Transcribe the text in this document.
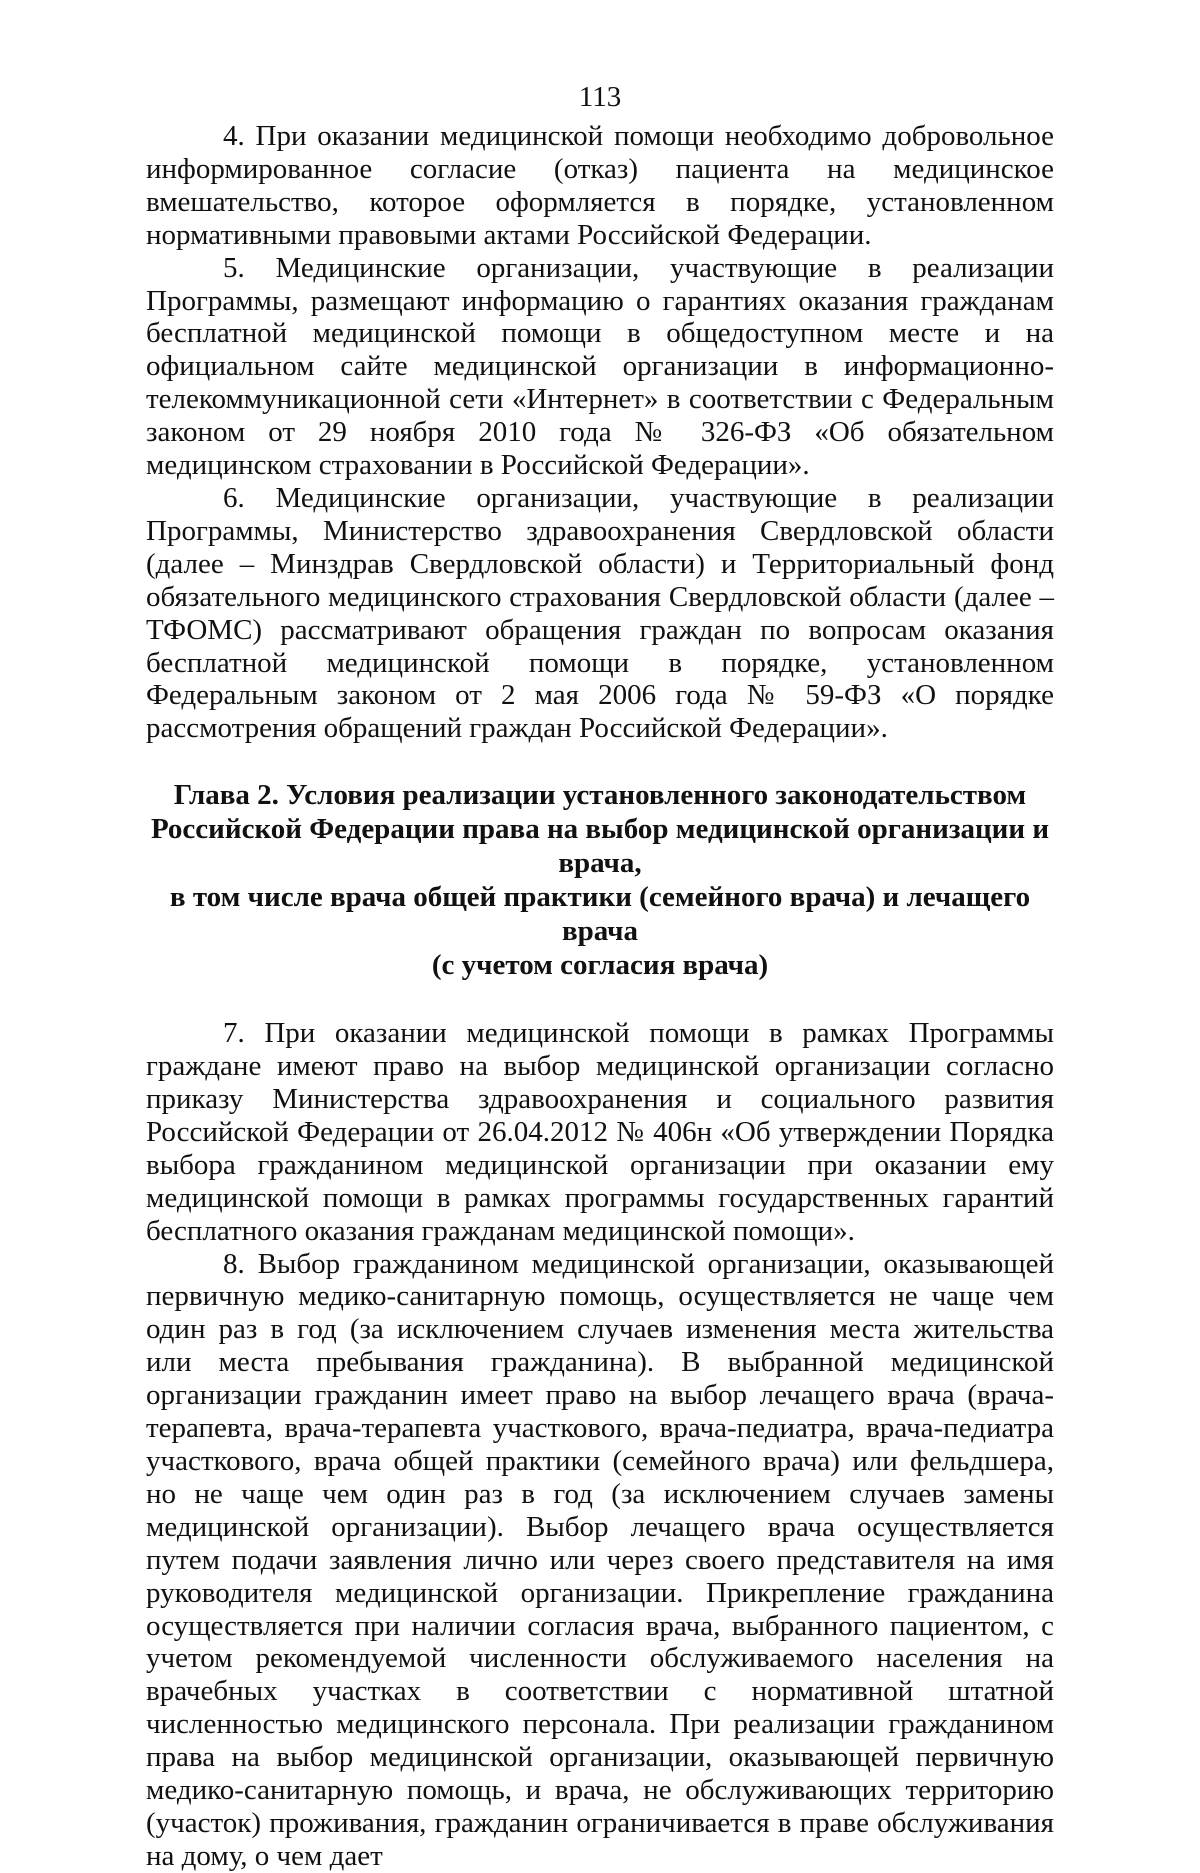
113

4. При оказании медицинской помощи необходимо добровольное информированное согласие (отказ) пациента на медицинское вмешательство, которое оформляется в порядке, установленном нормативными правовыми актами Российской Федерации.

5. Медицинские организации, участвующие в реализации Программы, размещают информацию о гарантиях оказания гражданам бесплатной медицинской помощи в общедоступном месте и на официальном сайте медицинской организации в информационно-телекоммуникационной сети «Интернет» в соответствии с Федеральным законом от 29 ноября 2010 года № 326-ФЗ «Об обязательном медицинском страховании в Российской Федерации».

6. Медицинские организации, участвующие в реализации Программы, Министерство здравоохранения Свердловской области (далее – Минздрав Свердловской области) и Территориальный фонд обязательного медицинского страхования Свердловской области (далее – ТФОМС) рассматривают обращения граждан по вопросам оказания бесплатной медицинской помощи в порядке, установленном Федеральным законом от 2 мая 2006 года № 59-ФЗ «О порядке рассмотрения обращений граждан Российской Федерации».

Глава 2. Условия реализации установленного законодательством
Российской Федерации права на выбор медицинской организации и врача,
в том числе врача общей практики (семейного врача) и лечащего врача
(с учетом согласия врача)

7. При оказании медицинской помощи в рамках Программы граждане имеют право на выбор медицинской организации согласно приказу Министерства здравоохранения и социального развития Российской Федерации от 26.04.2012 № 406н «Об утверждении Порядка выбора гражданином медицинской организации при оказании ему медицинской помощи в рамках программы государственных гарантий бесплатного оказания гражданам медицинской помощи».

8. Выбор гражданином медицинской организации, оказывающей первичную медико-санитарную помощь, осуществляется не чаще чем один раз в год (за исключением случаев изменения места жительства или места пребывания гражданина). В выбранной медицинской организации гражданин имеет право на выбор лечащего врача (врача-терапевта, врача-терапевта участкового, врача-педиатра, врача-педиатра участкового, врача общей практики (семейного врача) или фельдшера, но не чаще чем один раз в год (за исключением случаев замены медицинской организации). Выбор лечащего врача осуществляется путем подачи заявления лично или через своего представителя на имя руководителя медицинской организации. Прикрепление гражданина осуществляется при наличии согласия врача, выбранного пациентом, с учетом рекомендуемой численности обслуживаемого населения на врачебных участках в соответствии с нормативной штатной численностью медицинского персонала. При реализации гражданином права на выбор медицинской организации, оказывающей первичную медико-санитарную помощь, и врача, не обслуживающих территорию (участок) проживания, гражданин ограничивается в праве обслуживания на дому, о чем дает
